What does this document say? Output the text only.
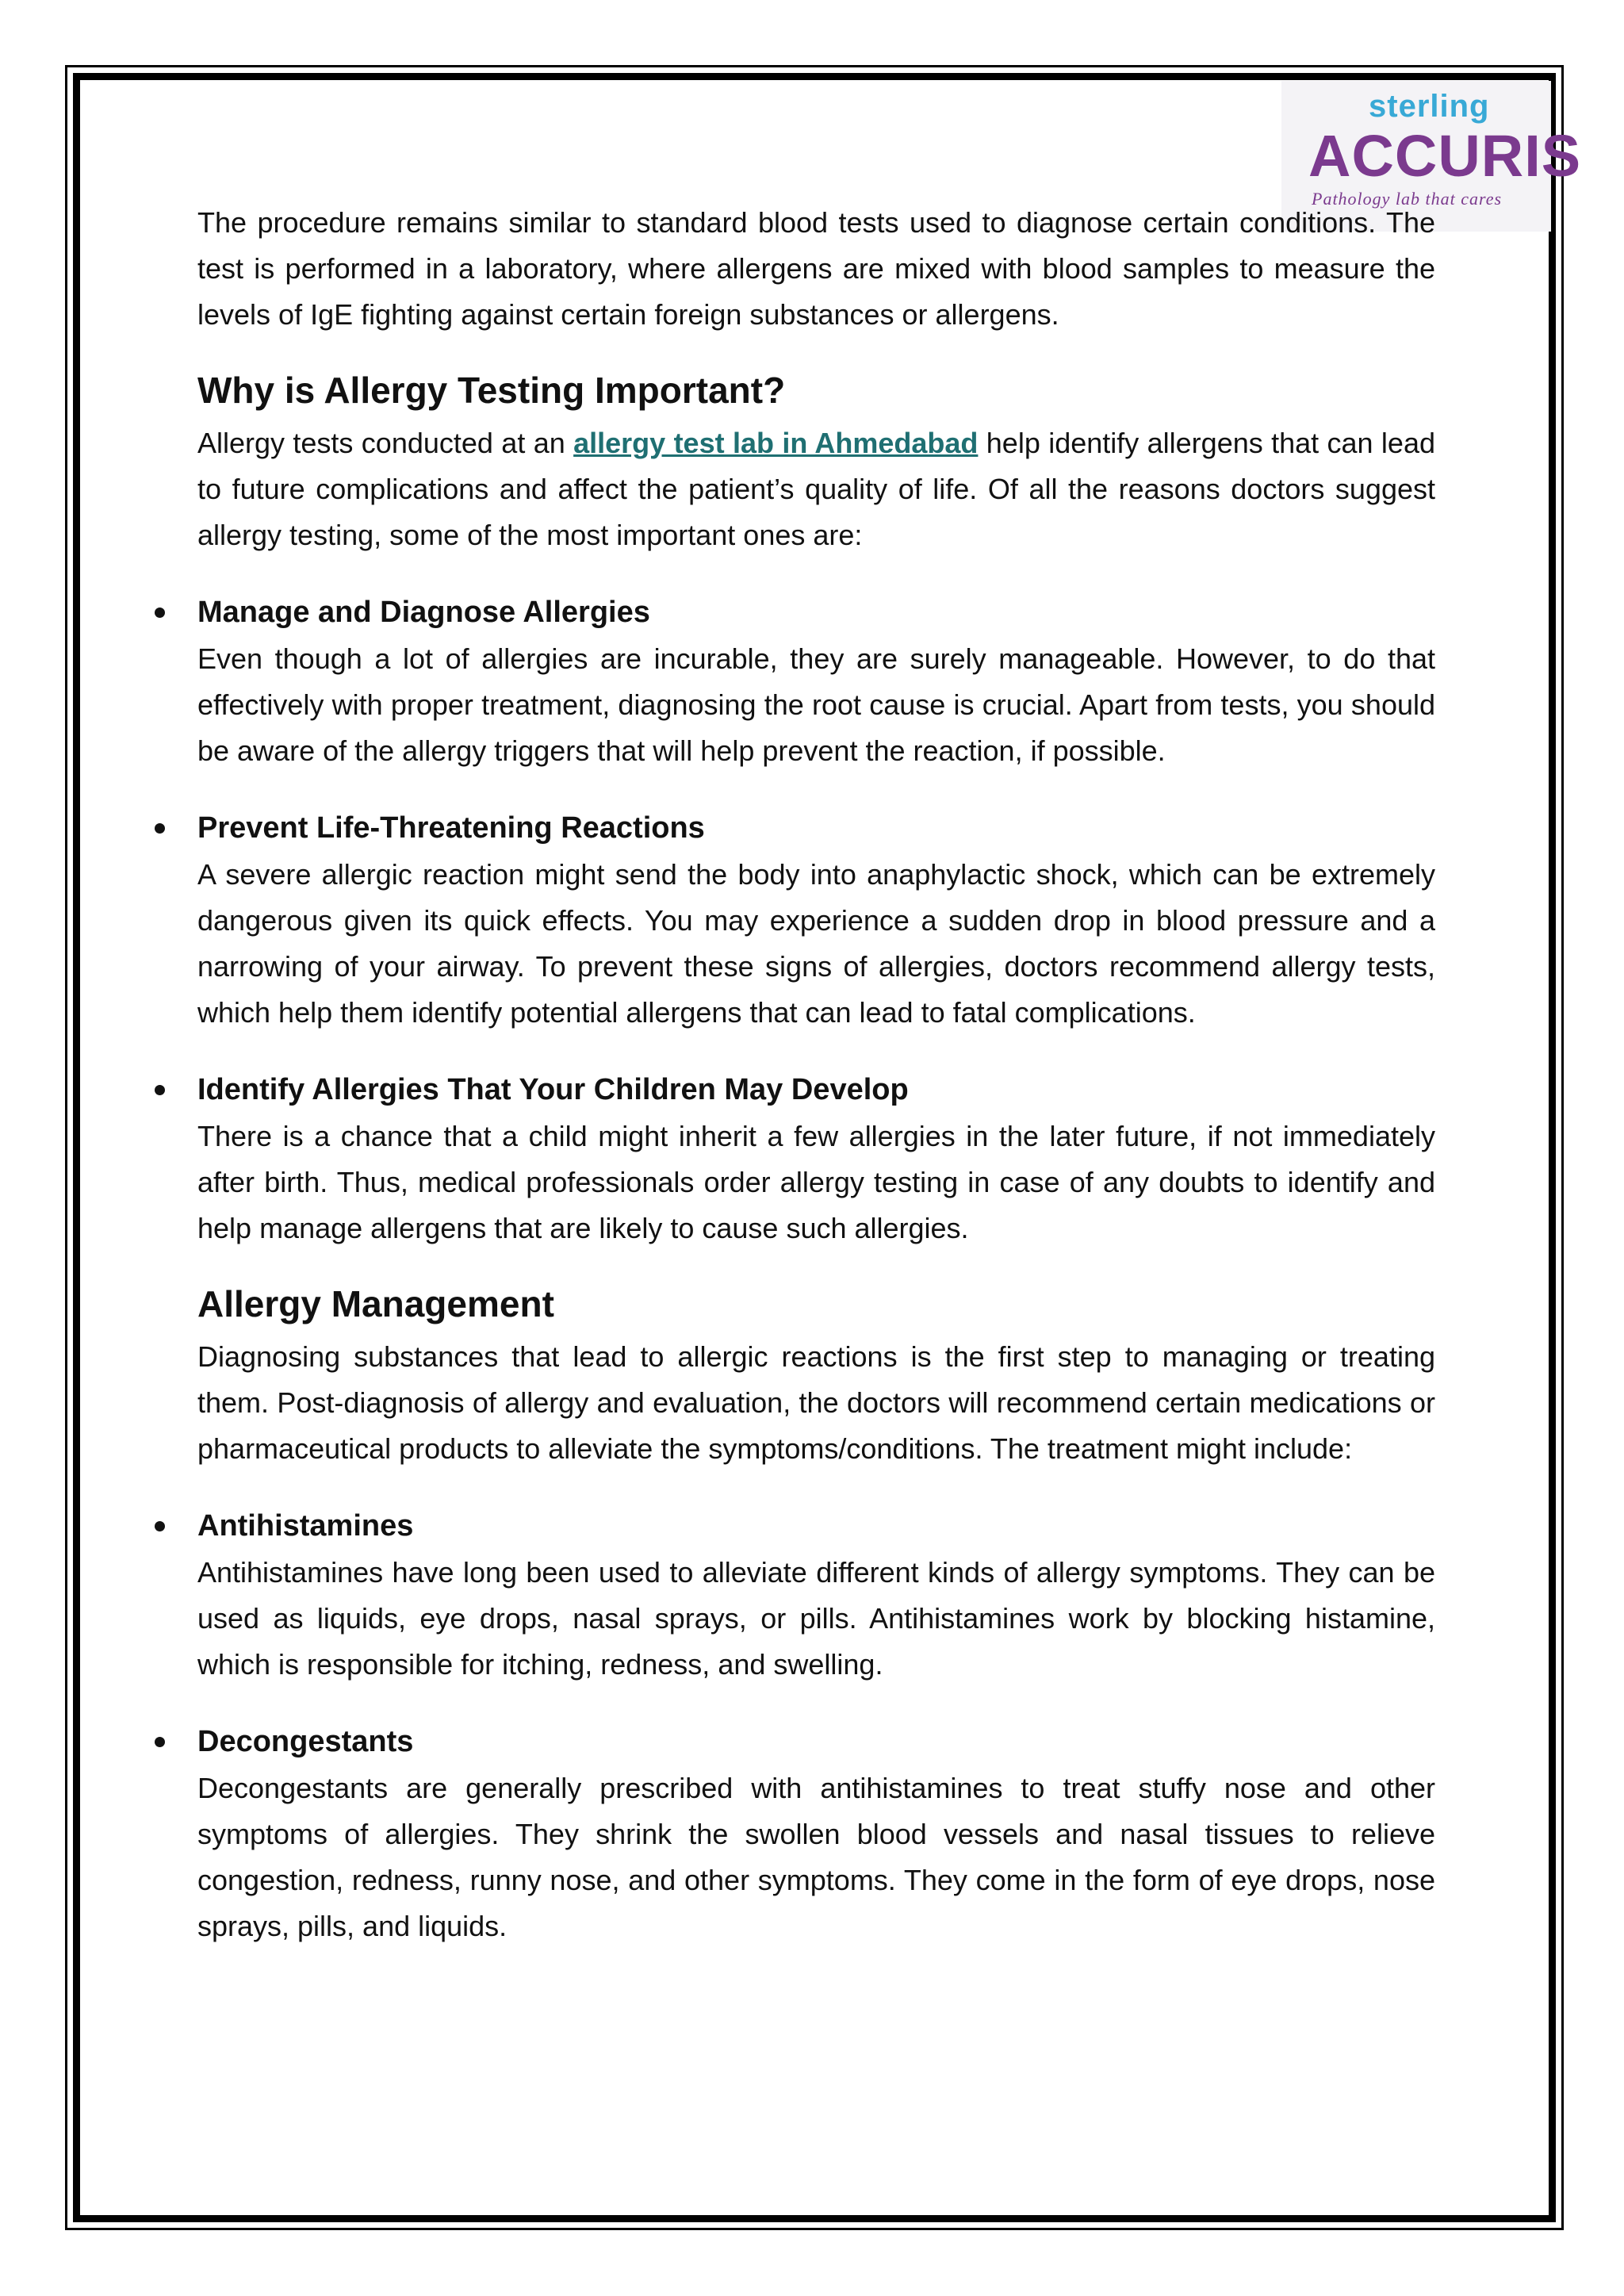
sterling
ACCURIS
Pathology lab that cares

The procedure remains similar to standard blood tests used to diagnose certain conditions. The test is performed in a laboratory, where allergens are mixed with blood samples to measure the levels of IgE fighting against certain foreign substances or allergens.

Why is Allergy Testing Important?

Allergy tests conducted at an allergy test lab in Ahmedabad help identify allergens that can lead to future complications and affect the patient’s quality of life. Of all the reasons doctors suggest allergy testing, some of the most important ones are:

Manage and Diagnose Allergies

Even though a lot of allergies are incurable, they are surely manageable. However, to do that effectively with proper treatment, diagnosing the root cause is crucial. Apart from tests, you should be aware of the allergy triggers that will help prevent the reaction, if possible.

Prevent Life-Threatening Reactions

A severe allergic reaction might send the body into anaphylactic shock, which can be extremely dangerous given its quick effects. You may experience a sudden drop in blood pressure and a narrowing of your airway. To prevent these signs of allergies, doctors recommend allergy tests, which help them identify potential allergens that can lead to fatal complications.

Identify Allergies That Your Children May Develop

There is a chance that a child might inherit a few allergies in the later future, if not immediately after birth. Thus, medical professionals order allergy testing in case of any doubts to identify and help manage allergens that are likely to cause such allergies.

Allergy Management

Diagnosing substances that lead to allergic reactions is the first step to managing or treating them. Post-diagnosis of allergy and evaluation, the doctors will recommend certain medications or pharmaceutical products to alleviate the symptoms/conditions. The treatment might include:

Antihistamines

Antihistamines have long been used to alleviate different kinds of allergy symptoms. They can be used as liquids, eye drops, nasal sprays, or pills. Antihistamines work by blocking histamine, which is responsible for itching, redness, and swelling.

Decongestants

Decongestants are generally prescribed with antihistamines to treat stuffy nose and other symptoms of allergies. They shrink the swollen blood vessels and nasal tissues to relieve congestion, redness, runny nose, and other symptoms. They come in the form of eye drops, nose sprays, pills, and liquids.
